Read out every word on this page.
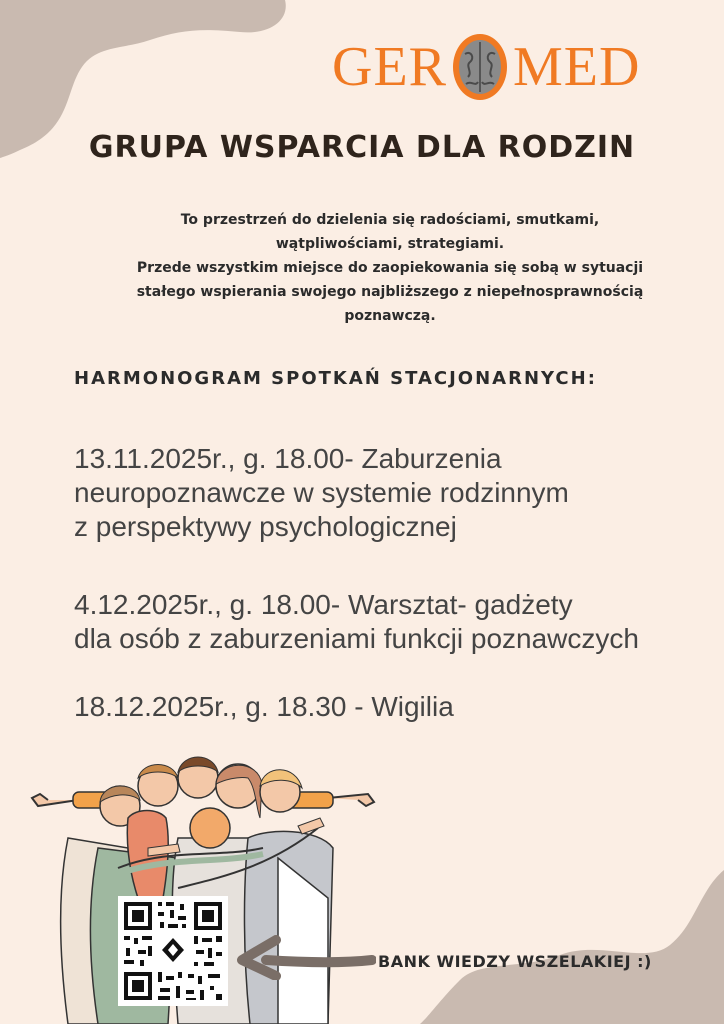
GER MED
GRUPA WSPARCIA DLA RODZIN
To przestrzeń do dzielenia się radościami, smutkami,
wątpliwościami, strategiami.
Przede wszystkim miejsce do zaopiekowania się sobą w sytuacji
stałego wspierania swojego najbliższego z niepełnosprawnością
poznawczą.
HARMONOGRAM SPOTKAŃ STACJONARNYCH:
13.11.2025r., g. 18.00- Zaburzenia
neuropoznawcze w systemie rodzinnym
z perspektywy psychologicznej
4.12.2025r., g. 18.00- Warsztat- gadżety
dla osób z zaburzeniami funkcji poznawczych
18.12.2025r., g. 18.30 - Wigilia
BANK WIEDZY WSZELAKIEJ :)
